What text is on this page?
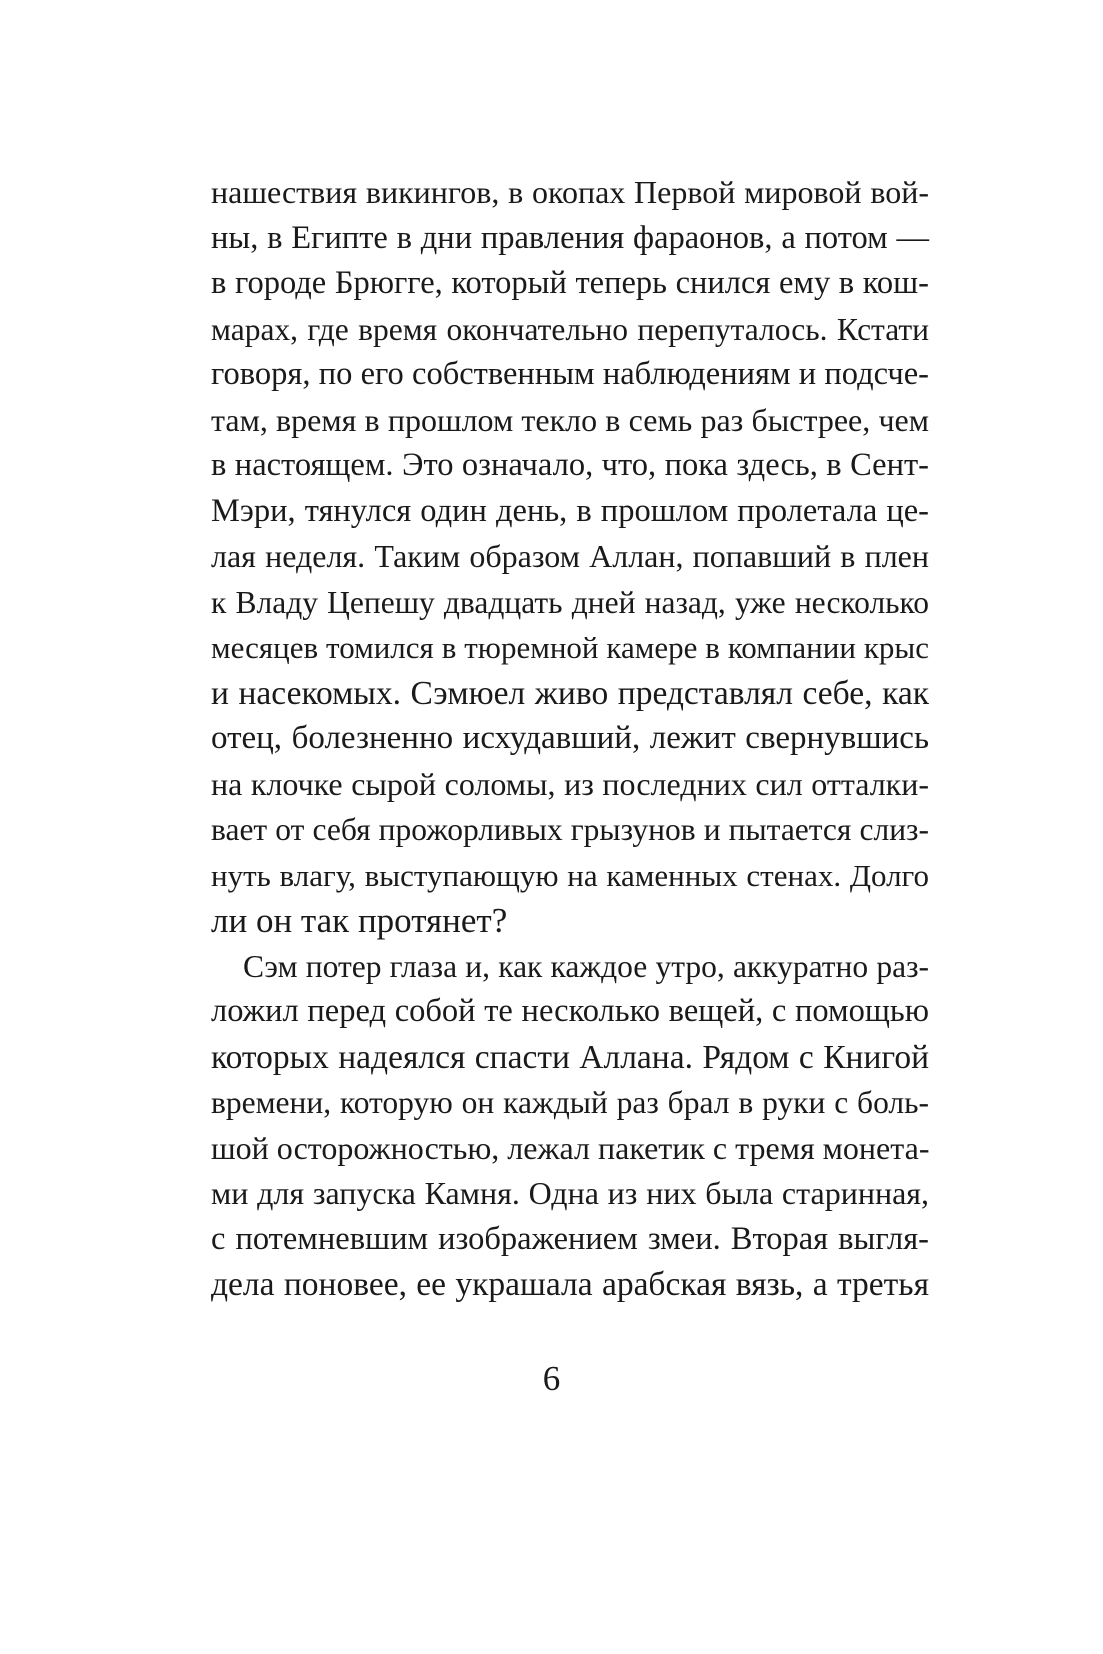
нашествия викингов, в окопах Первой мировой вой-
ны, в Египте в дни правления фараонов, а потом —
в городе Брюгге, который теперь снился ему в кош-
марах, где время окончательно перепуталось. Кстати
говоря, по его собственным наблюдениям и подсче-
там, время в прошлом текло в семь раз быстрее, чем
в настоящем. Это означало, что, пока здесь, в Сент-
Мэри, тянулся один день, в прошлом пролетала це-
лая неделя. Таким образом Аллан, попавший в плен
к Владу Цепешу двадцать дней назад, уже несколько
месяцев томился в тюремной камере в компании крыс
и насекомых. Сэмюел живо представлял себе, как
отец, болезненно исхудавший, лежит свернувшись
на клочке сырой соломы, из последних сил отталки-
вает от себя прожорливых грызунов и пытается слиз-
нуть влагу, выступающую на каменных стенах. Долго
ли он так протянет?
Сэм потер глаза и, как каждое утро, аккуратно раз-
ложил перед собой те несколько вещей, с помощью
которых надеялся спасти Аллана. Рядом с Книгой
времени, которую он каждый раз брал в руки с боль-
шой осторожностью, лежал пакетик с тремя монета-
ми для запуска Камня. Одна из них была старинная,
с потемневшим изображением змеи. Вторая выгля-
дела поновее, ее украшала арабская вязь, а третья
6
